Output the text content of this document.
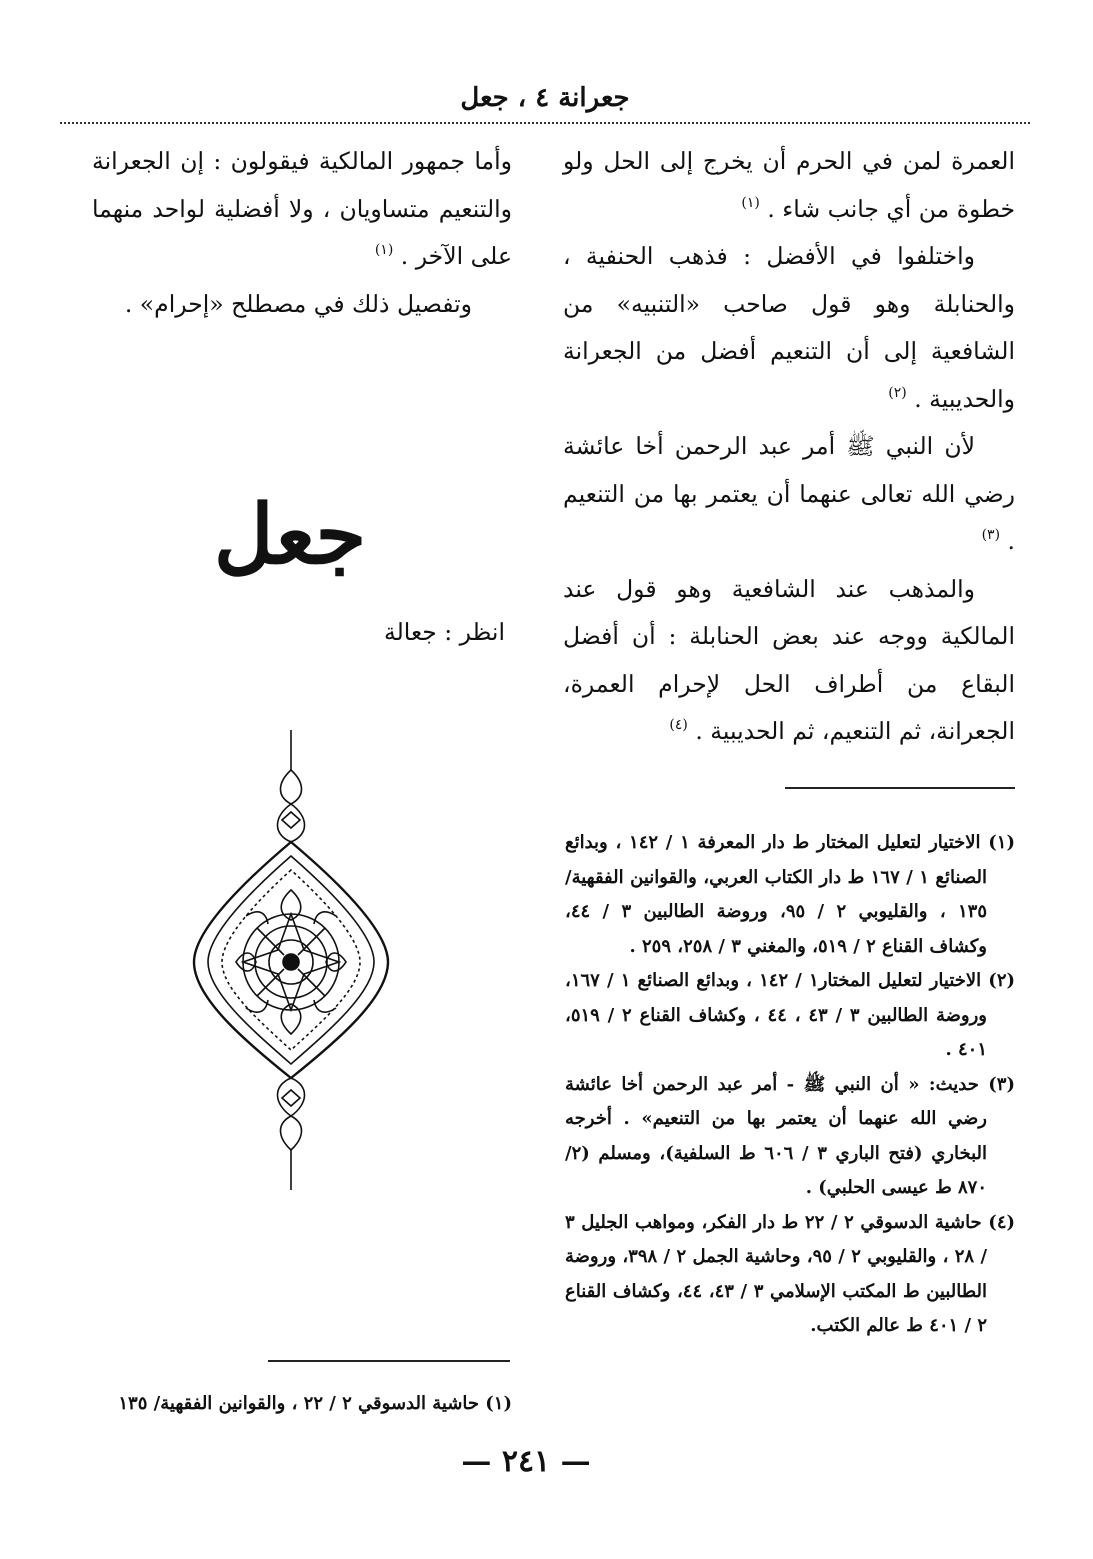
جعرانة ٤ ، جعل

العمرة لمن في الحرم أن يخرج إلى الحل ولو خطوة من أي جانب شاء . $^{(١)}$

واختلفوا في الأفضل : فذهب الحنفية ، والحنابلة وهو قول صاحب «التنبيه» من الشافعية إلى أن التنعيم أفضل من الجعرانة والحديبية . $^{(٢)}$

لأن النبي ﷺ أمر عبد الرحمن أخا عائشة رضي الله تعالى عنهما أن يعتمر بها من التنعيم . $^{(٣)}$

والمذهب عند الشافعية وهو قول عند المالكية ووجه عند بعض الحنابلة : أن أفضل البقاع من أطراف الحل لإحرام العمرة، الجعرانة، ثم التنعيم، ثم الحديبية . $^{(٤)}$

وأما جمهور المالكية فيقولون : إن الجعرانة والتنعيم متساويان ، ولا أفضلية لواحد منهما على الآخر . $^{(١)}$

وتفصيل ذلك في مصطلح «إحرام» .

جعل
انظر : جعالة

(١) الاختيار لتعليل المختار ط دار المعرفة ١ / ١٤٢ ، وبدائع الصنائع ١ / ١٦٧ ط دار الكتاب العربي، والقوانين الفقهية/ ١٣٥ ، والقليوبي ٢ / ٩٥، وروضة الطالبين ٣ / ٤٤، وكشاف القناع ٢ / ٥١٩، والمغني ٣ / ٢٥٨، ٢٥٩ .

(٢) الاختيار لتعليل المختار١ / ١٤٢ ، وبدائع الصنائع ١ / ١٦٧، وروضة الطالبين ٣ / ٤٣ ، ٤٤ ، وكشاف القناع ٢ / ٥١٩، ٤٠١ .

(٣) حديث: « أن النبي ﷺ - أمر عبد الرحمن أخا عائشة رضي الله عنهما أن يعتمر بها من التنعيم» . أخرجه البخاري (فتح الباري ٣ / ٦٠٦ ط السلفية)، ومسلم (٢/ ٨٧٠ ط عيسى الحلبي) .

(٤) حاشية الدسوقي ٢ / ٢٢ ط دار الفكر، ومواهب الجليل ٣ / ٢٨ ، والقليوبي ٢ / ٩٥، وحاشية الجمل ٢ / ٣٩٨، وروضة الطالبين ط المكتب الإسلامي ٣ / ٤٣، ٤٤، وكشاف القناع ٢ / ٤٠١ ط عالم الكتب.

(١) حاشية الدسوقي ٢ / ٢٢ ، والقوانين الفقهية/ ١٣٥
— ٢٤١ —
